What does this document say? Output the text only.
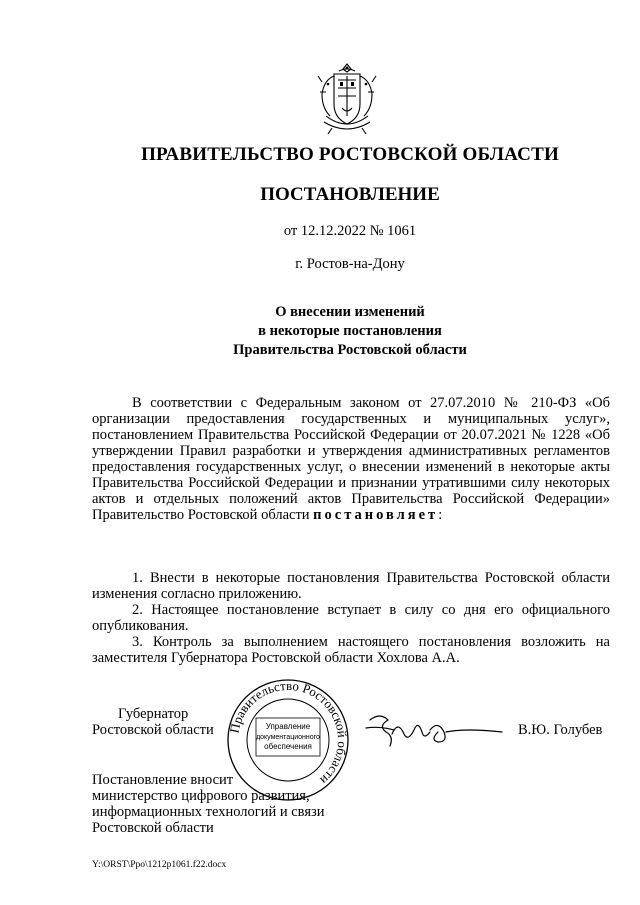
ПРАВИТЕЛЬСТВО РОСТОВСКОЙ ОБЛАСТИ
ПОСТАНОВЛЕНИЕ
от 12.12.2022 № 1061
г. Ростов-на-Дону
О внесении изменений
в некоторые постановления
Правительства Ростовской области

В соответствии с Федеральным законом от 27.07.2010 № 210-ФЗ «Об организации предоставления государственных и муниципальных услуг», постановлением Правительства Российской Федерации от 20.07.2021 № 1228 «Об утверждении Правил разработки и утверждения административных регламентов предоставления государственных услуг, о внесении изменений в некоторые акты Правительства Российской Федерации и признании утратившими силу некоторых актов и отдельных положений актов Правительства Российской Федерации» Правительство Ростовской области постановляет:

1. Внести в некоторые постановления Правительства Ростовской области изменения согласно приложению.

2. Настоящее постановление вступает в силу со дня его официального опубликования.

3. Контроль за выполнением настоящего постановления возложить на заместителя Губернатора Ростовской области Хохлова А.А.

Губернатор
Ростовской области Правительство Ростовской области
Управление
документационного
обеспечения
В.Ю. Голубев
Постановление вносит
министерство цифрового развития,
информационных технологий и связи
Ростовской области
Y:\ORST\Ppo\1212p1061.f22.docx
